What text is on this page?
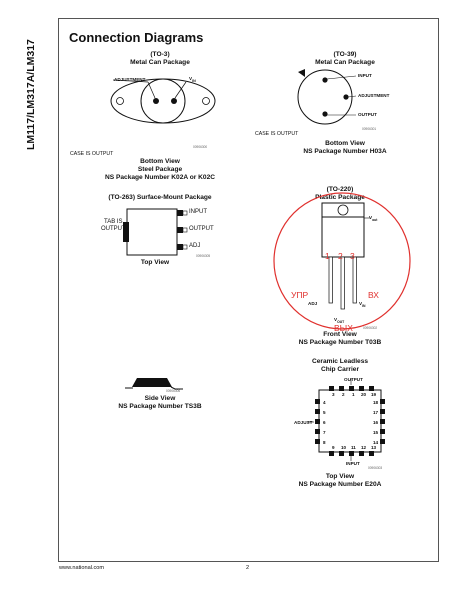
LM117/LM317A/LM317
Connection Diagrams
(TO-3)
Metal Can Package
ADJUSTMENT	$V_{IN}$
00906300
CASE IS OUTPUT
Bottom View
Steel Package
NS Package Number K02A or K02C
(TO-39)
Metal Can Package
INPUT
ADJUSTMENT
OUTPUT
00906301
CASE IS OUTPUT
Bottom View
NS Package Number H03A
(TO-263) Surface-Mount Package
TAB IS
OUTPUT
INPUT
OUTPUT
ADJ
00906305
Top View
(TO-220)
Plastic Package
$V_{out}$
1 2 3
УПР	ВХ
ADJ	$V_{IN}$
$V_{OUT}$
ВЫХ	00906302
Front View
NS Package Number T03B
00906306
Side View
NS Package Number TS3B
Ceramic Leadless
Chip Carrier
OUTPUT
ADJUST
INPUT
3 2 1 20 19
18
17
16
15
14
9 10 11 12 13
4
5
6
7
8
00906303
Top View
NS Package Number E20A
www.national.com	2
